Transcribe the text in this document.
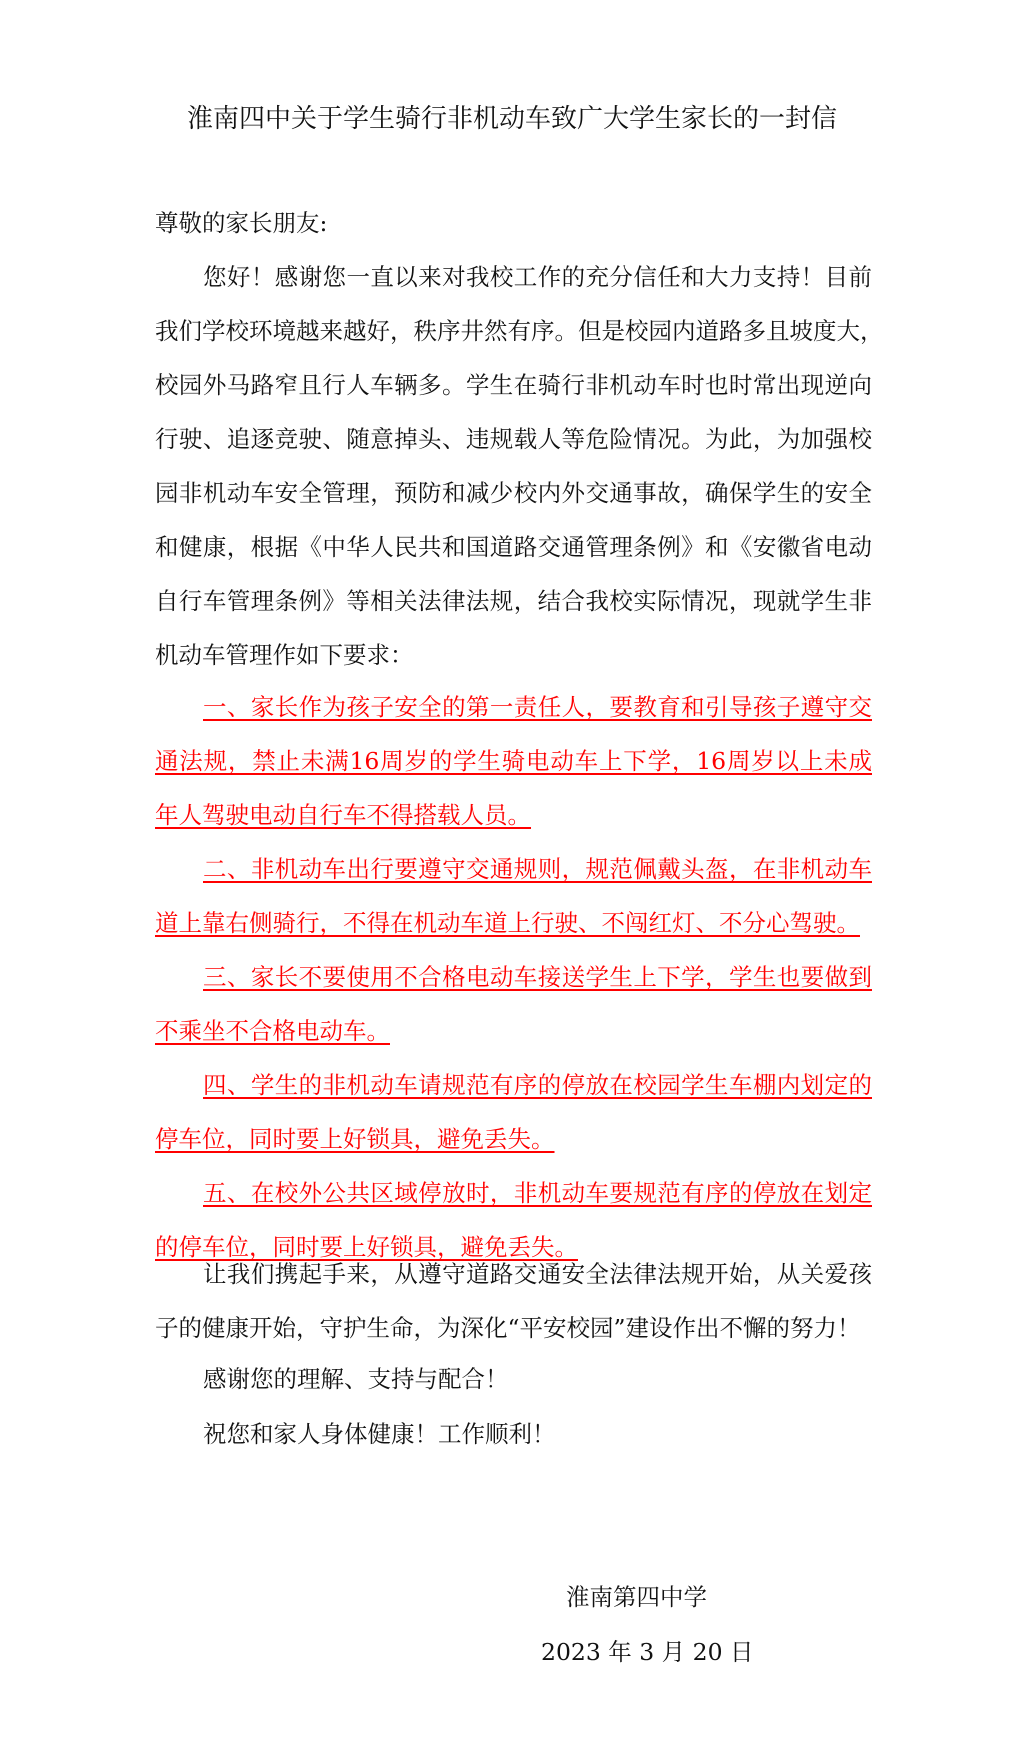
淮南四中关于学生骑行非机动车致广大学生家长的一封信
尊敬的家长朋友:
您好！感谢您一直以来对我校工作的充分信任和大力支持！目前
我们学校环境越来越好，秩序井然有序。但是校园内道路多且坡度大，
校园外马路窄且行人车辆多。学生在骑行非机动车时也时常出现逆向
行驶、追逐竞驶、随意掉头、违规载人等危险情况。为此，为加强校
园非机动车安全管理，预防和减少校内外交通事故，确保学生的安全
和健康，根据《中华人民共和国道路交通管理条例》和《安徽省电动
自行车管理条例》等相关法律法规，结合我校实际情况，现就学生非
机动车管理作如下要求：
一、家长作为孩子安全的第一责任人，要教育和引导孩子遵守交
通法规，禁止未满16周岁的学生骑电动车上下学，16周岁以上未成
年人驾驶电动自行车不得搭载人员。
二、非机动车出行要遵守交通规则，规范佩戴头盔，在非机动车
道上靠右侧骑行，不得在机动车道上行驶、不闯红灯、不分心驾驶。
三、家长不要使用不合格电动车接送学生上下学，学生也要做到
不乘坐不合格电动车。
四、学生的非机动车请规范有序的停放在校园学生车棚内划定的
停车位，同时要上好锁具，避免丢失。
五、在校外公共区域停放时，非机动车要规范有序的停放在划定
的停车位，同时要上好锁具，避免丢失。
让我们携起手来，从遵守道路交通安全法律法规开始，从关爱孩
子的健康开始，守护生命，为深化“平安校园”建设作出不懈的努力！
感谢您的理解、支持与配合！
祝您和家人身体健康！工作顺利！
淮南第四中学
2023 年 3 月 20 日
